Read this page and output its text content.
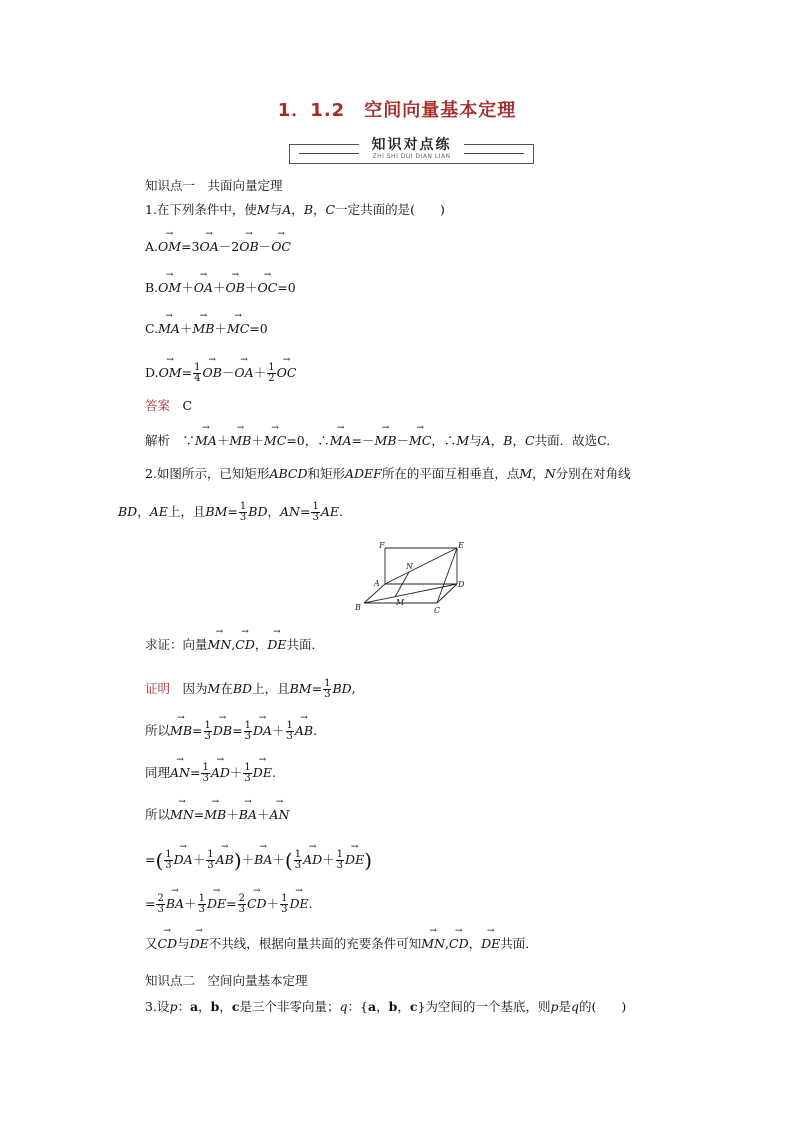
1．1.2　空间向量基本定理
知识对点练
ZHI SHI DUI DIAN LIAN
知识点一　共面向量定理
1.在下列条件中，使M与A，B，C一定共面的是(　　)
A.→ OM=3→ OA－2→ OB－→ OC
B.→ OM＋→ OA＋→ OB＋→ OC=0
C.→ MA＋→ MB＋→ MC=0
$D.\to OM= \frac{1}{4}$
→ $OB-\to OA+ \frac{1}{2}$
→ OC
答案　 C
解析　∵→ MA＋→ MB＋→ MC=0，∴→ MA=－→ MB－→ MC，∴M与A，B，C共面．故选C.
2.如图所示，已知矩形ABCD和矩形ADEF所在的平面互相垂直，点M，N分别在对角线
BD，AE上，且$BM= \frac{1}{3}$ BD，$AN= \frac{1}{3}$ AE.
F	E
N
A	D
B
M
C
求证：向量→ MN,→ CD，→ DE共面．
证明　因为M在BD上，且$BM= \frac{1}{3}$ BD,
所以→ $MB= \frac{1}{3}$
→ $DB= \frac{1}{3}$
→ $DA+ \frac{1}{3}$
→ AB.
同理→ $AN= \frac{1}{3}$
→ $AD+ \frac{1}{3}$
→ DE.
所以→ MN=→ MB＋→ BA＋→ AN
=( $\frac{1}{3}$
→ $DA+ \frac{1}{3}$
→ $AB)+\to BA+( \frac{1}{3}$
→ $AD+ \frac{1}{3}$
→ DE)
= $\frac{2}{3}$
→ $BA+ \frac{1}{3}$
→ $DE= \frac{2}{3}$
→ $CD+ \frac{1}{3}$
→ DE.
又→ CD与→ DE不共线，根据向量共面的充要条件可知→ MN,→ CD，→ DE共面．
知识点二　空间向量基本定理
3.设p：a，b，c是三个非零向量；q：{a，b，c}为空间的一个基底，则p是q的(　　)
